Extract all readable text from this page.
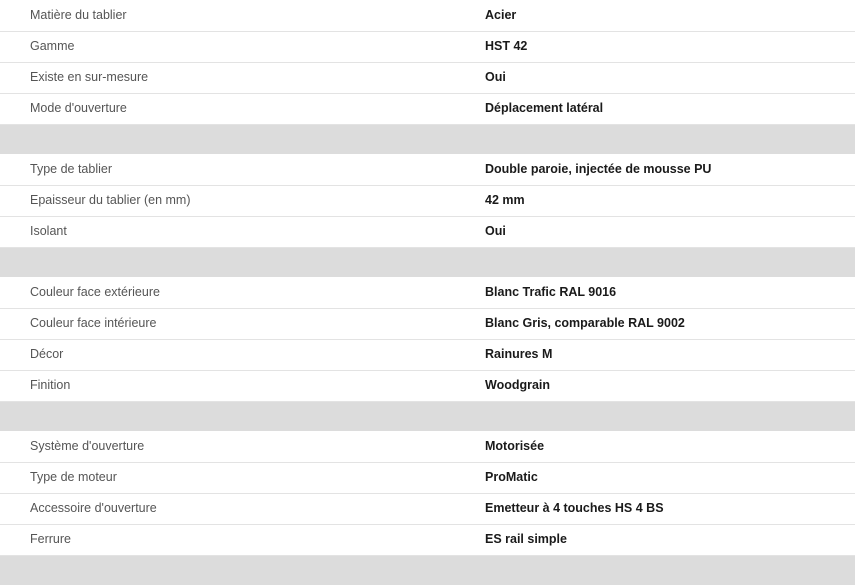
Matière du tablier	Acier
Gamme	HST 42
Existe en sur-mesure	Oui
Mode d'ouverture	Déplacement latéral

Type de tablier	Double paroie, injectée de mousse PU
Epaisseur du tablier (en mm)	42 mm
Isolant	Oui

Couleur face extérieure	Blanc Trafic RAL 9016
Couleur face intérieure	Blanc Gris, comparable RAL 9002
Décor	Rainures M
Finition	Woodgrain

Système d'ouverture	Motorisée
Type de moteur	ProMatic
Accessoire d'ouverture	Emetteur à 4 touches HS 4 BS
Ferrure	ES rail simple
